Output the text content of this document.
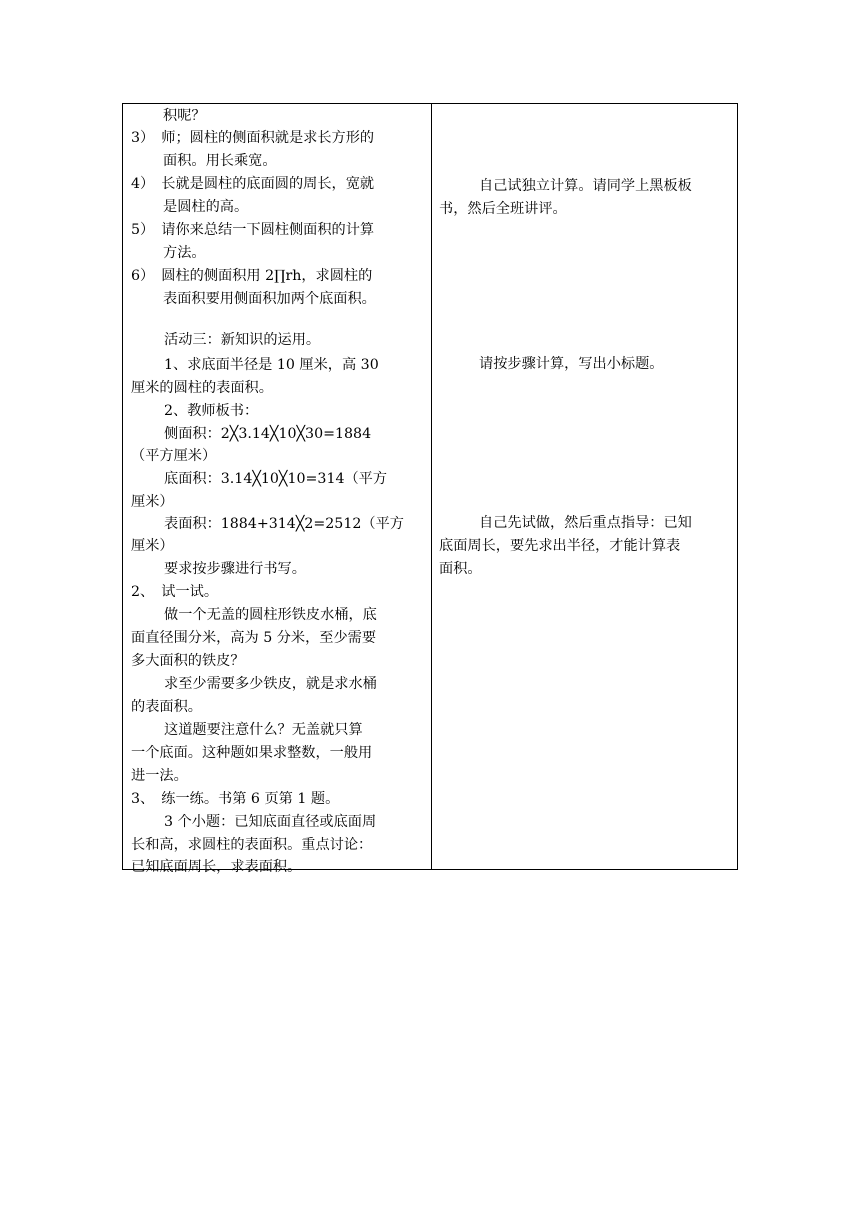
积呢？
3）　师；圆柱的侧面积就是求长方形的
面积。用长乘宽。
4）　长就是圆柱的底面圆的周长，宽就
是圆柱的高。
5）　请你来总结一下圆柱侧面积的计算
方法。
6）　圆柱的侧面积用 2∏rh，求圆柱的
表面积要用侧面积加两个底面积。
活动三：新知识的运用。
1、求底面半径是 10 厘米，高 30
厘米的圆柱的表面积。
2、教师板书：
侧面积：2╳3.14╳10╳30=1884
（平方厘米）
底面积：3.14╳10╳10=314（平方
厘米）
表面积：1884+314╳2=2512（平方
厘米）
要求按步骤进行书写。
2、　试一试。
做一个无盖的圆柱形铁皮水桶，底
面直径围分米，高为 5 分米，至少需要
多大面积的铁皮？
求至少需要多少铁皮，就是求水桶
的表面积。
这道题要注意什么？无盖就只算
一个底面。这种题如果求整数，一般用
进一法。
3、　练一练。书第 6 页第 1 题。
3 个小题：已知底面直径或底面周
长和高，求圆柱的表面积。重点讨论：
已知底面周长，求表面积。
自己试独立计算。请同学上黑板板
书，然后全班讲评。
请按步骤计算，写出小标题。
自己先试做，然后重点指导：已知
底面周长，要先求出半径，才能计算表
面积。
